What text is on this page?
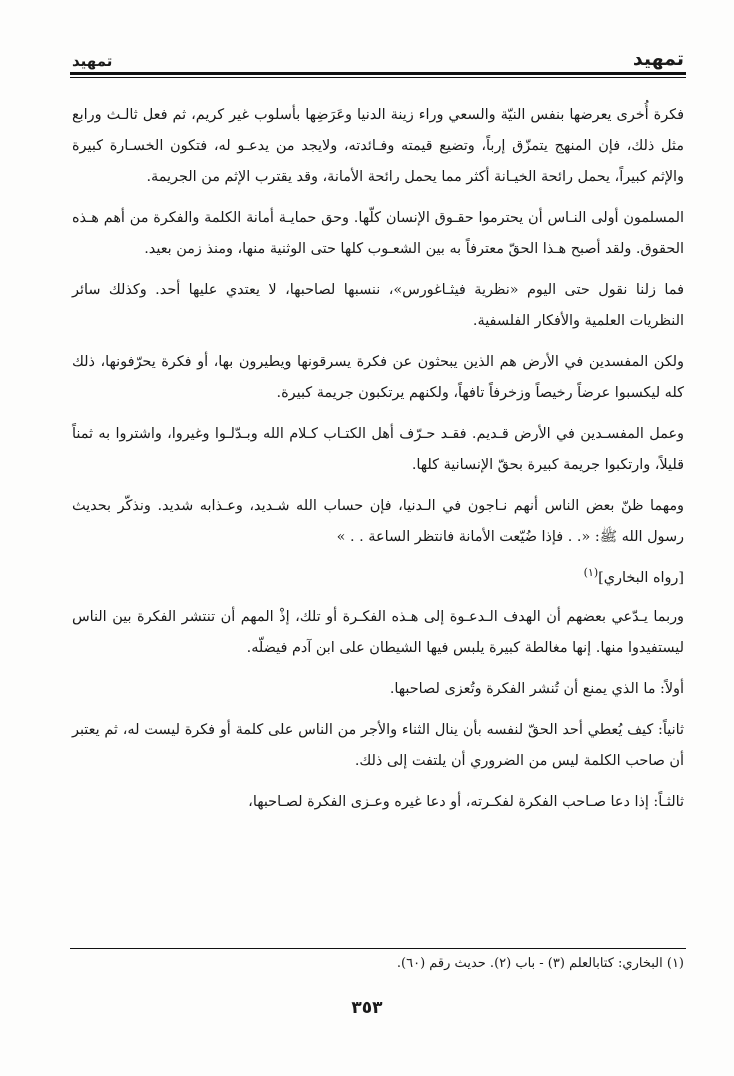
تمهيد
تمهيد

فكرة أُخرى يعرضها بنفس النيّة والسعي وراء زينة الدنيا وعَرَضِها بأسلوب غير كريم، ثم فعل ثالـث ورابع مثل ذلك، فإن المنهج يتمزّق إرباً، وتضيع قيمته وفـائدته، ولايجد من يدعـو له، فتكون الخسـارة كبيرة والإثم كبيراً، يحمل رائحة الخيـانة أكثر مما يحمل رائحة الأمانة، وقد يقترب الإثم من الجريمة.

المسلمون أولى النـاس أن يحترموا حقـوق الإنسان كلّها. وحق حمايـة أمانة الكلمة والفكرة من أهم هـذه الحقوق. ولقد أصبح هـذا الحقّ معترفاً به بين الشعـوب كلها حتى الوثنية منها، ومنذ زمن بعيد.

فما زلنا نقول حتى اليوم «نظرية فيثـاغورس»، ننسبها لصاحبها، لا يعتدي عليها أحد. وكذلك سائر النظريات العلمية والأفكار الفلسفية.

ولكن المفسدين في الأرض هم الذين يبحثون عن فكرة يسرقونها ويطيرون بها، أو فكرة يحرّفونها، ذلك كله ليكسبوا عرضاً رخيصاً وزخرفاً تافهاً، ولكنهم يرتكبون جريمة كبيرة.

وعمل المفسـدين في الأرض قـديم. فقـد حـرّف أهل الكتـاب كـلام الله وبـدّلـوا وغيروا، واشتروا به ثمناً قليلاً، وارتكبوا جريمة كبيرة بحقّ الإنسانية كلها.

ومهما ظنّ بعض الناس أنهم نـاجون في الـدنيا، فإن حساب الله شـديد، وعـذابه شديد. ونذكّر بحديث رسول الله ﷺ: «. . فإذا ضُيّعت الأمانة فانتظر الساعة . . »

[رواه البخاري]$^{(١)}$

وربما يـدّعي بعضهم أن الهدف الـدعـوة إلى هـذه الفكـرة أو تلك، إذْ المهم أن تنتشر الفكرة بين الناس ليستفيدوا منها. إنها مغالطة كبيرة يلبس فيها الشيطان على ابن آدم فيضلّه.

أولاً: ما الذي يمنع أن تُنشر الفكرة وتُعزى لصاحبها.

ثانياً: كيف يُعطي أحد الحقّ لنفسه بأن ينال الثناء والأجر من الناس على كلمة أو فكرة ليست له، ثم يعتبر أن صاحب الكلمة ليس من الضروري أن يلتفت إلى ذلك.

ثالثـاً: إذا دعا صـاحب الفكرة لفكـرته، أو دعا غيره وعـزى الفكرة لصـاحبها،

(١) البخاري: كتابالعلم (٣) - باب (٢). حديث رقم (٦٠).
٣٥٣
